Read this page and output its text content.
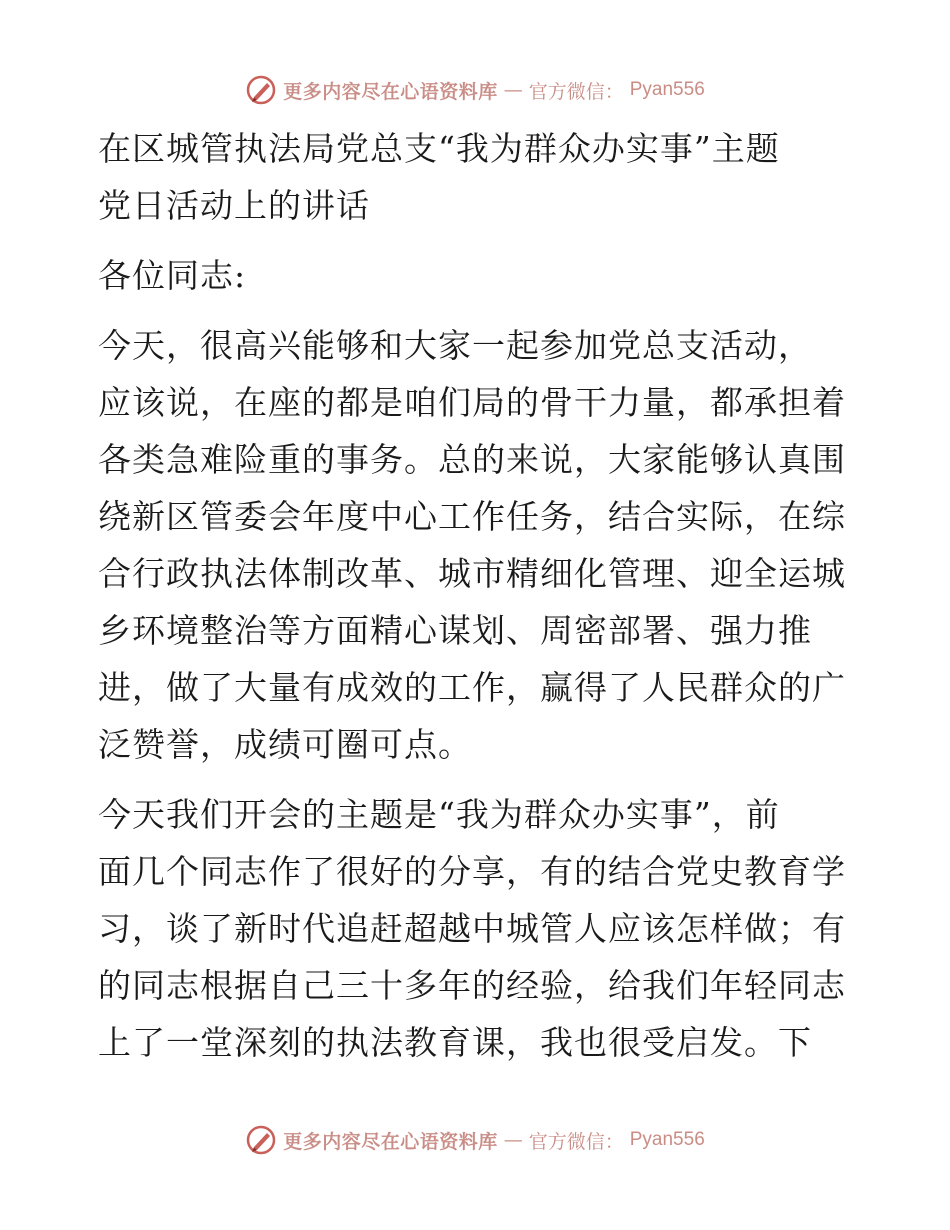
更多内容尽在心语资料库 — 官方微信： Pyan556
在区城管执法局党总支“我为群众办实事”主题
党日活动上的讲话
各位同志:
今天，很高兴能够和大家一起参加党总支活动，
应该说，在座的都是咱们局的骨干力量，都承担着
各类急难险重的事务。总的来说，大家能够认真围
绕新区管委会年度中心工作任务，结合实际，在综
合行政执法体制改革、城市精细化管理、迎全运城
乡环境整治等方面精心谋划、周密部署、强力推
进，做了大量有成效的工作，赢得了人民群众的广
泛赞誉，成绩可圈可点。
今天我们开会的主题是“我为群众办实事”，前
面几个同志作了很好的分享，有的结合党史教育学
习，谈了新时代追赶超越中城管人应该怎样做；有
的同志根据自己三十多年的经验，给我们年轻同志
上了一堂深刻的执法教育课，我也很受启发。下
更多内容尽在心语资料库 — 官方微信： Pyan556
